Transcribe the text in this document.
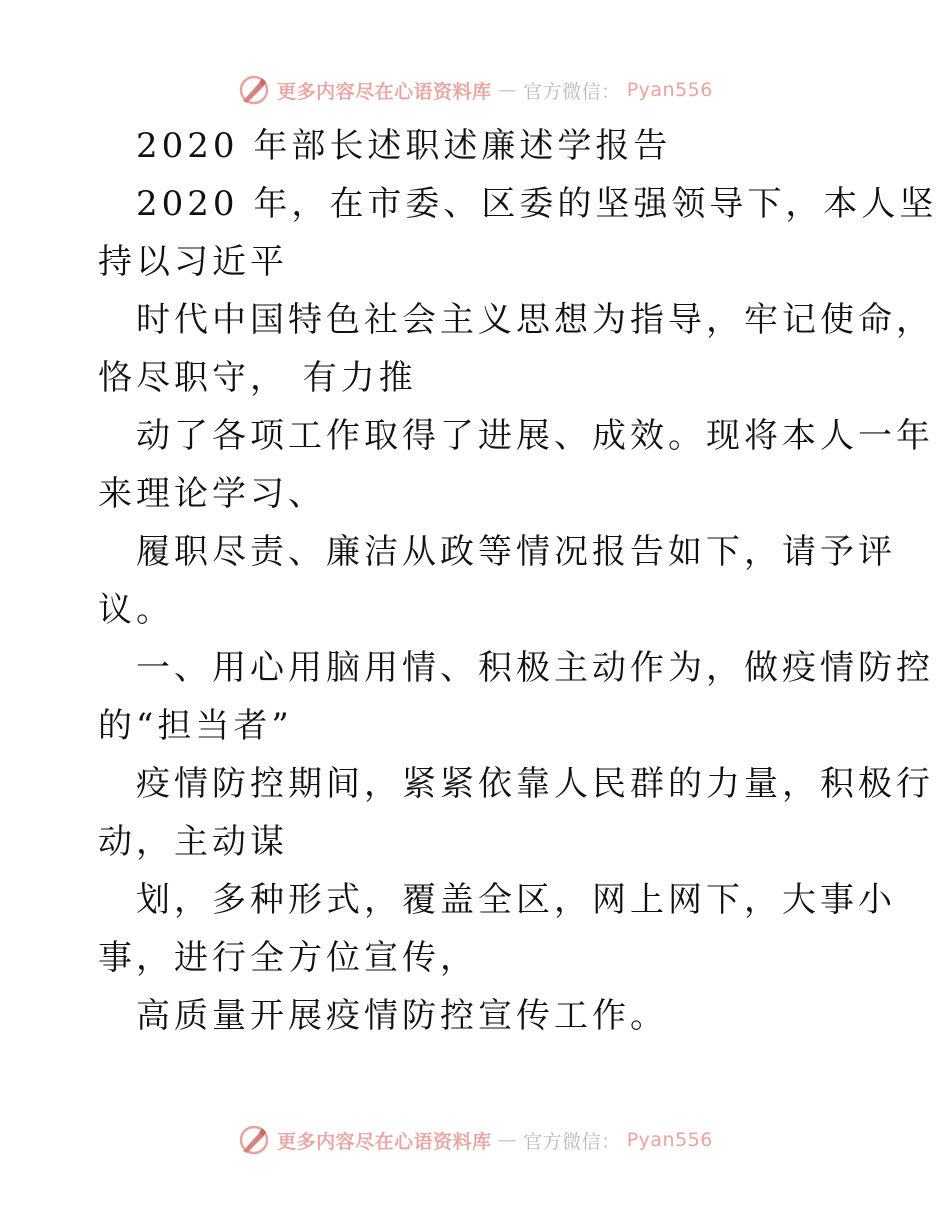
更多内容尽在心语资料库 — 官方微信： Pyan556
2020 年部长述职述廉述学报告
2020 年，在市委、区委的坚强领导下，本人坚
持以习近平
时代中国特色社会主义思想为指导，牢记使命，
恪尽职守， 有力推
动了各项工作取得了进展、成效。现将本人一年
来理论学习、
履职尽责、廉洁从政等情况报告如下，请予评
议。
一、用心用脑用情、积极主动作为，做疫情防控
的“担当者”
疫情防控期间，紧紧依靠人民群的力量，积极行
动，主动谋
划，多种形式，覆盖全区，网上网下，大事小
事，进行全方位宣传，
高质量开展疫情防控宣传工作。
更多内容尽在心语资料库 — 官方微信： Pyan556
